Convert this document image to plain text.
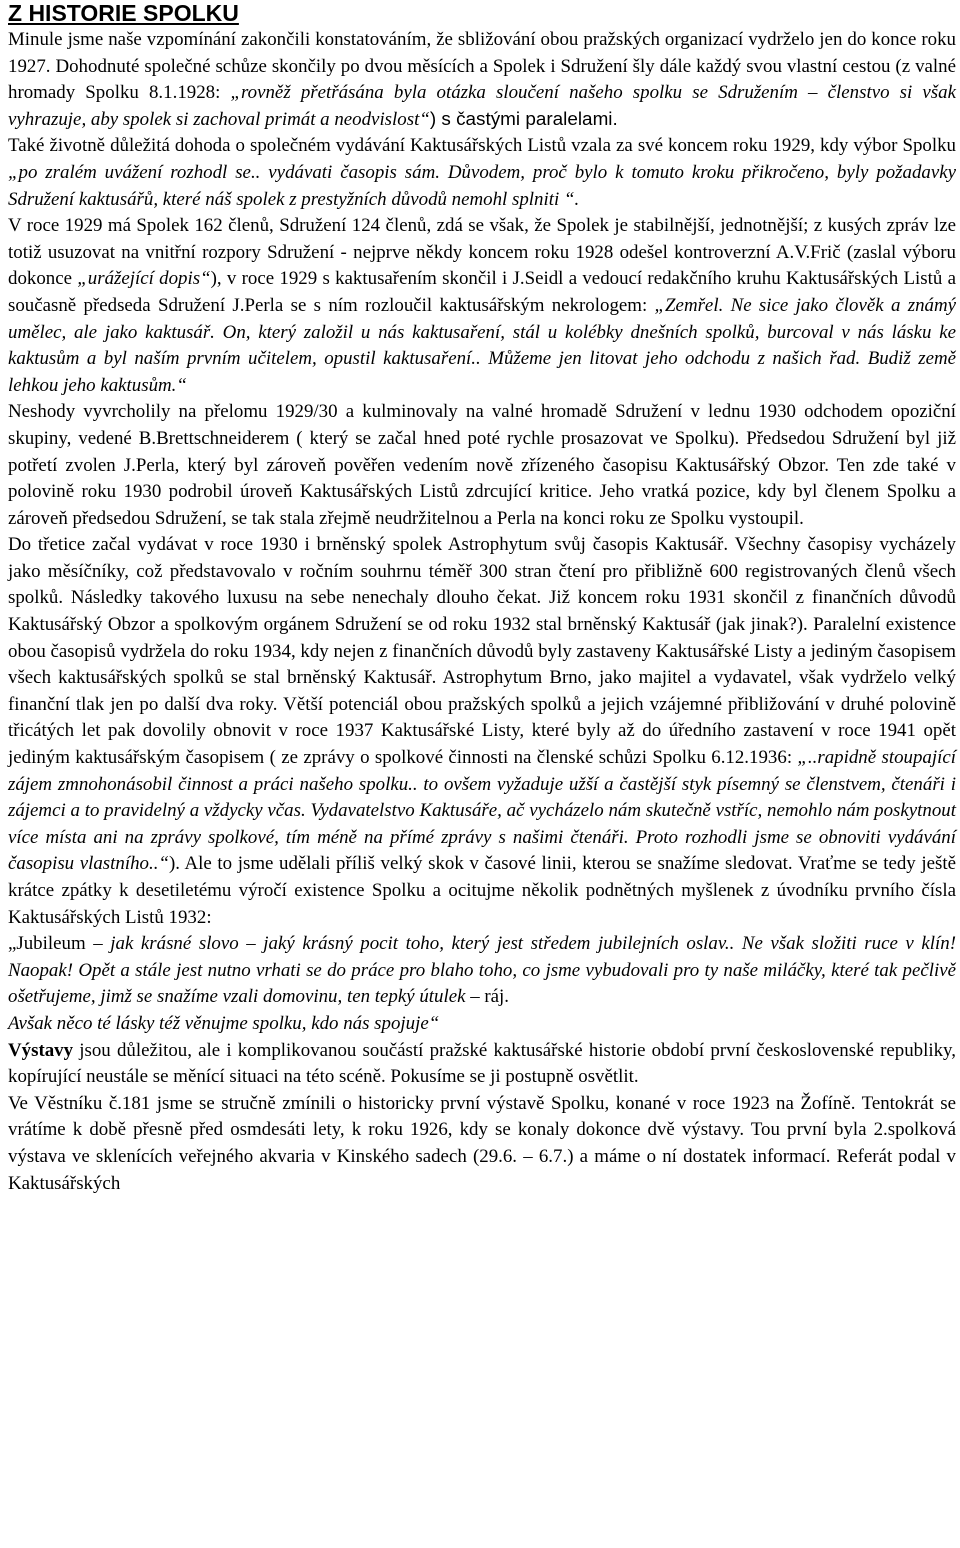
Z HISTORIE SPOLKU

Minule jsme naše vzpomínání zakončili konstatováním, že sbližování obou pražských organizací vydrželo jen do konce roku 1927. Dohodnuté společné schůze skončily po dvou měsících a Spolek i Sdružení šly dále každý svou vlastní cestou (z valné hromady Spolku 8.1.1928: „rovněž přetřásána byla otázka sloučení našeho spolku se Sdružením – členstvo si však vyhrazuje, aby spolek si zachoval primát a neodvislost“) s častými paralelami.

Také životně důležitá dohoda o společném vydávání Kaktusářských Listů vzala za své koncem roku 1929, kdy výbor Spolku „po zralém uvážení rozhodl se.. vydávati časopis sám. Důvodem, proč bylo k tomuto kroku přikročeno, byly požadavky Sdružení kaktusářů, které náš spolek z prestyžních důvodů nemohl splniti “.

V roce 1929 má Spolek 162 členů, Sdružení 124 členů, zdá se však, že Spolek je stabilnější, jednotnější; z kusých zpráv lze totiž usuzovat na vnitřní rozpory Sdružení - nejprve někdy koncem roku 1928 odešel kontroverzní A.V.Frič (zaslal výboru dokonce „urážející dopis“), v roce 1929 s kaktusařením skončil i J.Seidl a vedoucí redakčního kruhu Kaktusářských Listů a současně předseda Sdružení J.Perla se s ním rozloučil kaktusářským nekrologem: „Zemřel. Ne sice jako člověk a známý umělec, ale jako kaktusář. On, který založil u nás kaktusaření, stál u kolébky dnešních spolků, burcoval v nás lásku ke kaktusům a byl naším prvním učitelem, opustil kaktusaření.. Můžeme jen litovat jeho odchodu z našich řad. Budiž země lehkou jeho kaktusům.“

Neshody vyvrcholily na přelomu 1929/30 a kulminovaly na valné hromadě Sdružení v lednu 1930 odchodem opoziční skupiny, vedené B.Brettschneiderem ( který se začal hned poté rychle prosazovat ve Spolku). Předsedou Sdružení byl již potřetí zvolen J.Perla, který byl zároveň pověřen vedením nově zřízeného časopisu Kaktusářský Obzor. Ten zde také v polovině roku 1930 podrobil úroveň Kaktusářských Listů zdrcující kritice. Jeho vratká pozice, kdy byl členem Spolku a zároveň předsedou Sdružení, se tak stala zřejmě neudržitelnou a Perla na konci roku ze Spolku vystoupil.

Do třetice začal vydávat v roce 1930 i brněnský spolek Astrophytum svůj časopis Kaktusář. Všechny časopisy vycházely jako měsíčníky, což představovalo v ročním souhrnu téměř 300 stran čtení pro přibližně 600 registrovaných členů všech spolků. Následky takového luxusu na sebe nenechaly dlouho čekat. Již koncem roku 1931 skončil z finančních důvodů Kaktusářský Obzor a spolkovým orgánem Sdružení se od roku 1932 stal brněnský Kaktusář (jak jinak?). Paralelní existence obou časopisů vydržela do roku 1934, kdy nejen z finančních důvodů byly zastaveny Kaktusářské Listy a jediným časopisem všech kaktusářských spolků se stal brněnský Kaktusář. Astrophytum Brno, jako majitel a vydavatel, však vydrželo velký finanční tlak jen po další dva roky. Větší potenciál obou pražských spolků a jejich vzájemné přibližování v druhé polovině třicátých let pak dovolily obnovit v roce 1937 Kaktusářské Listy, které byly až do úředního zastavení v roce 1941 opět jediným kaktusářským časopisem ( ze zprávy o spolkové činnosti na členské schůzi Spolku 6.12.1936: „..rapidně stoupající zájem zmnohonásobil činnost a práci našeho spolku.. to ovšem vyžaduje užší a častější styk písemný se členstvem, čtenáři i zájemci a to pravidelný a vždycky včas. Vydavatelstvo Kaktusáře, ač vycházelo nám skutečně vstříc, nemohlo nám poskytnout více místa ani na zprávy spolkové, tím méně na přímé zprávy s našimi čtenáři. Proto rozhodli jsme se obnoviti vydávání časopisu vlastního..“). Ale to jsme udělali příliš velký skok v časové linii, kterou se snažíme sledovat. Vraťme se tedy ještě krátce zpátky k desetiletému výročí existence Spolku a ocitujme několik podnětných myšlenek z úvodníku prvního čísla Kaktusářských Listů 1932:

„Jubileum – jak krásné slovo – jaký krásný pocit toho, který jest středem jubilejních oslav.. Ne však složiti ruce v klín! Naopak! Opět a stále jest nutno vrhati se do práce pro blaho toho, co jsme vybudovali pro ty naše miláčky, které tak pečlivě ošetřujeme, jimž se snažíme vzali domovinu, ten tepký útulek – ráj.

Avšak něco té lásky též věnujme spolku, kdo nás spojuje“

Výstavy jsou důležitou, ale i komplikovanou součástí pražské kaktusářské historie období první československé republiky, kopírující neustále se měnící situaci na této scéně. Pokusíme se ji postupně osvětlit.

Ve Věstníku č.181 jsme se stručně zmínili o historicky první výstavě Spolku, konané v roce 1923 na Žofíně. Tentokrát se vrátíme k době přesně před osmdesáti lety, k roku 1926, kdy se konaly dokonce dvě výstavy. Tou první byla 2.spolková výstava ve sklenících veřejného akvaria v Kinského sadech (29.6. – 6.7.) a máme o ní dostatek informací. Referát podal v Kaktusářských
